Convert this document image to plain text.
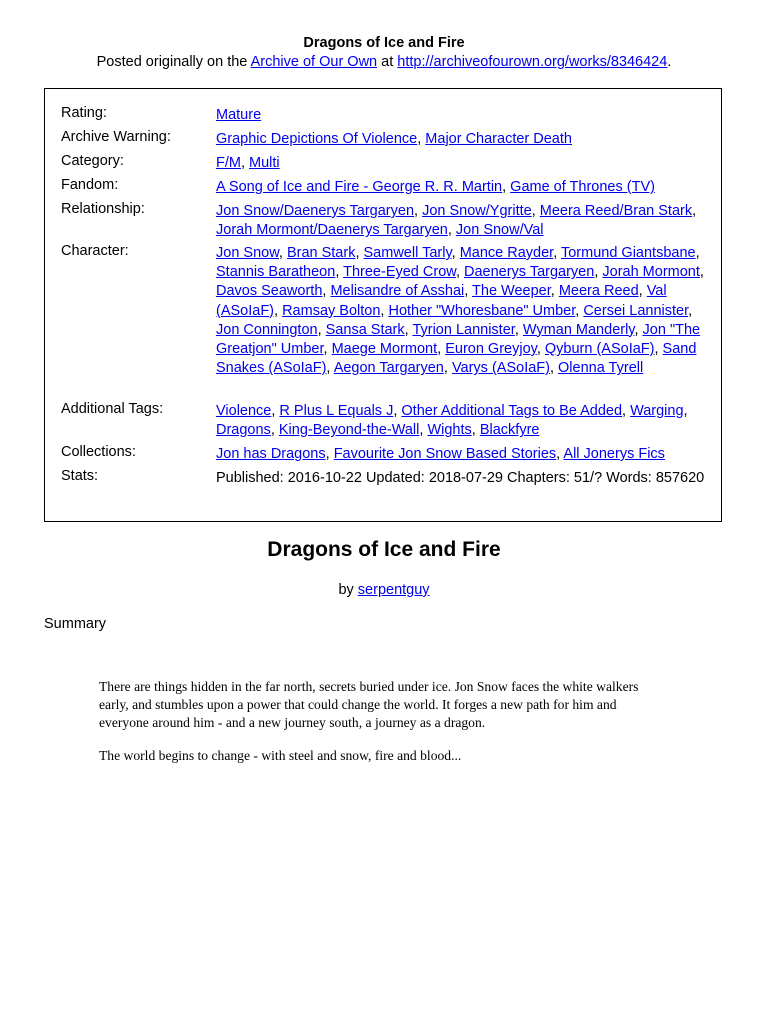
Dragons of Ice and Fire
Posted originally on the Archive of Our Own at http://archiveofourown.org/works/8346424.
Rating:	Mature
Archive Warning:	Graphic Depictions Of Violence, Major Character Death
Category:	F/M, Multi
Fandom:	A Song of Ice and Fire - George R. R. Martin, Game of Thrones (TV)
Relationship:	Jon Snow/Daenerys Targaryen, Jon Snow/Ygritte, Meera Reed/Bran Stark, Jorah Mormont/Daenerys Targaryen, Jon Snow/Val
Character:	Jon Snow, Bran Stark, Samwell Tarly, Mance Rayder, Tormund Giantsbane, Stannis Baratheon, Three-Eyed Crow, Daenerys Targaryen, Jorah Mormont, Davos Seaworth, Melisandre of Asshai, The Weeper, Meera Reed, Val (ASoIaF), Ramsay Bolton, Hother "Whoresbane" Umber, Cersei Lannister, Jon Connington, Sansa Stark, Tyrion Lannister, Wyman Manderly, Jon "The Greatjon" Umber, Maege Mormont, Euron Greyjoy, Qyburn (ASoIaF), Sand Snakes (ASoIaF), Aegon Targaryen, Varys (ASoIaF), Olenna Tyrell
Additional Tags:	Violence, R Plus L Equals J, Other Additional Tags to Be Added, Warging, Dragons, King-Beyond-the-Wall, Wights, Blackfyre
Collections:	Jon has Dragons, Favourite Jon Snow Based Stories, All Jonerys Fics
Stats:	Published: 2016-10-22 Updated: 2018-07-29 Chapters: 51/? Words: 857620
Dragons of Ice and Fire
by serpentguy
Summary

There are things hidden in the far north, secrets buried under ice. Jon Snow faces the white walkers early, and stumbles upon a power that could change the world. It forges a new path for him and everyone around him - and a new journey south, a journey as a dragon.

The world begins to change - with steel and snow, fire and blood...
